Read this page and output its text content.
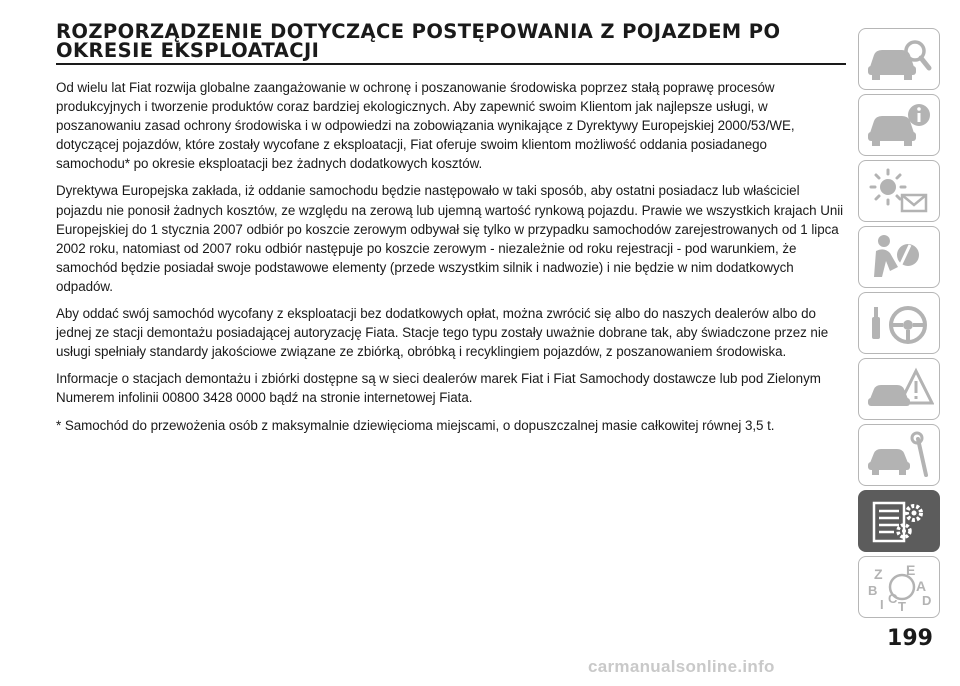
ROZPORZĄDZENIE DOTYCZĄCE POSTĘPOWANIA Z POJAZDEM PO
OKRESIE EKSPLOATACJI

Od wielu lat Fiat rozwija globalne zaangażowanie w ochronę i poszanowanie środowiska poprzez stałą poprawę procesów produkcyjnych i tworzenie produktów coraz bardziej ekologicznych. Aby zapewnić swoim Klientom jak najlepsze usługi, w poszanowaniu zasad ochrony środowiska i w odpowiedzi na zobowiązania wynikające z Dyrektywy Europejskiej 2000/53/WE, dotyczącej pojazdów, które zostały wycofane z eksploatacji, Fiat oferuje swoim klientom możliwość oddania posiadanego samochodu* po okresie eksploatacji bez żadnych dodatkowych kosztów.

Dyrektywa Europejska zakłada, iż oddanie samochodu będzie następowało w taki sposób, aby ostatni posiadacz lub właściciel pojazdu nie ponosił żadnych kosztów, ze względu na zerową lub ujemną wartość rynkową pojazdu. Prawie we wszystkich krajach Unii Europejskiej do 1 stycznia 2007 odbiór po koszcie zerowym odbywał się tylko w przypadku samochodów zarejestrowanych od 1 lipca 2002 roku, natomiast od 2007 roku odbiór następuje po koszcie zerowym - niezależnie od roku rejestracji - pod warunkiem, że samochód będzie posiadał swoje podstawowe elementy (przede wszystkim silnik i nadwozie) i nie będzie w nim dodatkowych odpadów.

Aby oddać swój samochód wycofany z eksploatacji bez dodatkowych opłat, można zwrócić się albo do naszych dealerów albo do jednej ze stacji demontażu posiadającej autoryzację Fiata. Stacje tego typu zostały uważnie dobrane tak, aby świadczone przez nie usługi spełniały standardy jakościowe związane ze zbiórką, obróbką i recyklingiem pojazdów, z poszanowaniem środowiska.

Informacje o stacjach demontażu i zbiórki dostępne są w sieci dealerów marek Fiat i Fiat Samochody dostawcze lub pod Zielonym Numerem infolinii 00800 3428 0000 bądź na stronie internetowej Fiata.

* Samochód do przewożenia osób z maksymalnie dziewięcioma miejscami, o dopuszczalnej masie całkowitej równej 3,5 t.

Z E
B	A
C D
I T
199
carmanualsonline.info
